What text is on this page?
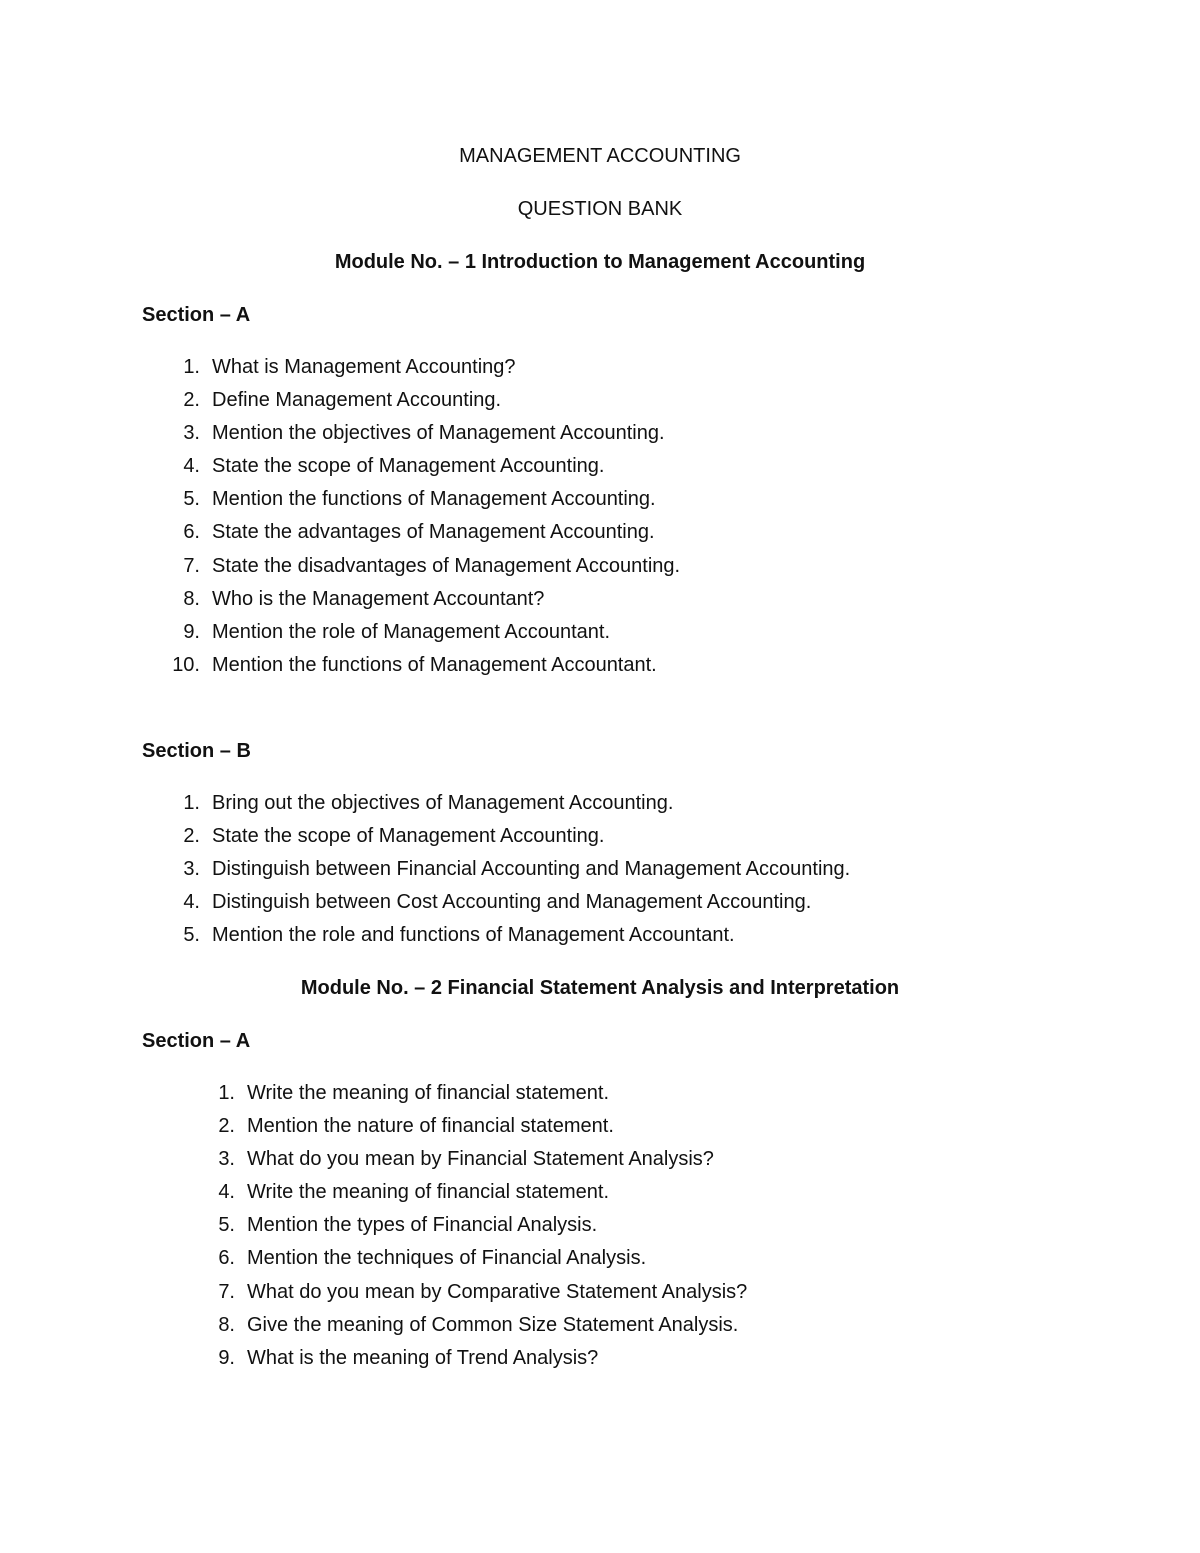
MANAGEMENT ACCOUNTING
QUESTION BANK
Module No. – 1 Introduction to Management Accounting
Section – A
1. What is Management Accounting?
2. Define Management Accounting.
3. Mention the objectives of Management Accounting.
4. State the scope of Management Accounting.
5. Mention the functions of Management Accounting.
6. State the advantages of Management Accounting.
7. State the disadvantages of Management Accounting.
8. Who is the Management Accountant?
9. Mention the role of Management Accountant.
10. Mention the functions of Management Accountant.
Section – B
1. Bring out the objectives of Management Accounting.
2. State the scope of Management Accounting.
3. Distinguish between Financial Accounting and Management Accounting.
4. Distinguish between Cost Accounting and Management Accounting.
5. Mention the role and functions of Management Accountant.
Module No. – 2 Financial Statement Analysis and Interpretation
Section – A
1. Write the meaning of financial statement.
2. Mention the nature of financial statement.
3. What do you mean by Financial Statement Analysis?
4. Write the meaning of financial statement.
5. Mention the types of Financial Analysis.
6. Mention the techniques of Financial Analysis.
7. What do you mean by Comparative Statement Analysis?
8. Give the meaning of Common Size Statement Analysis.
9. What is the meaning of Trend Analysis?
